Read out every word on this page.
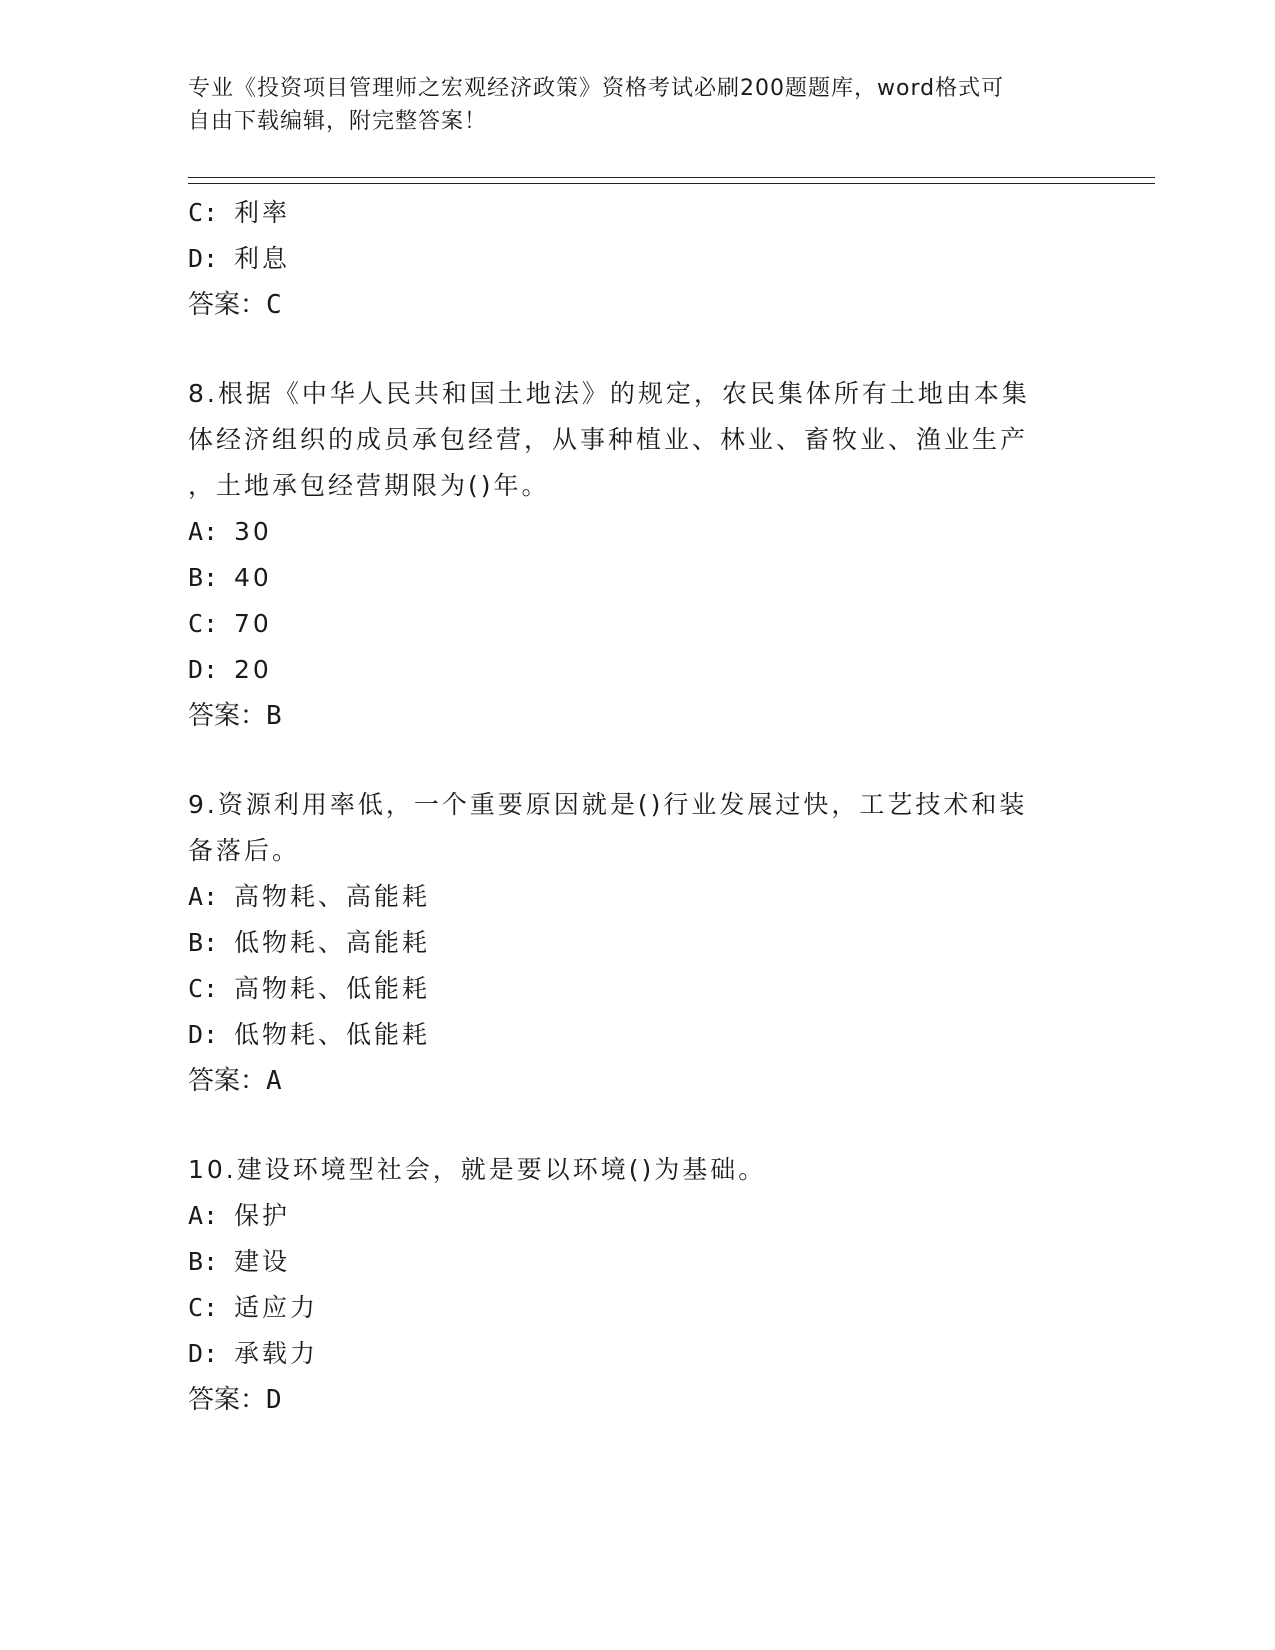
专业《投资项目管理师之宏观经济政策》资格考试必刷200题题库，word格式可
自由下载编辑，附完整答案！
C: 利率
D: 利息
答案：C
8.根据《中华人民共和国土地法》的规定，农民集体所有土地由本集
体经济组织的成员承包经营，从事种植业、林业、畜牧业、渔业生产
，土地承包经营期限为()年。
A: 30
B: 40
C: 70
D: 20
答案：B
9.资源利用率低，一个重要原因就是()行业发展过快，工艺技术和装
备落后。
A: 高物耗、高能耗
B: 低物耗、高能耗
C: 高物耗、低能耗
D: 低物耗、低能耗
答案：A
10.建设环境型社会，就是要以环境()为基础。
A: 保护
B: 建设
C: 适应力
D: 承载力
答案：D
